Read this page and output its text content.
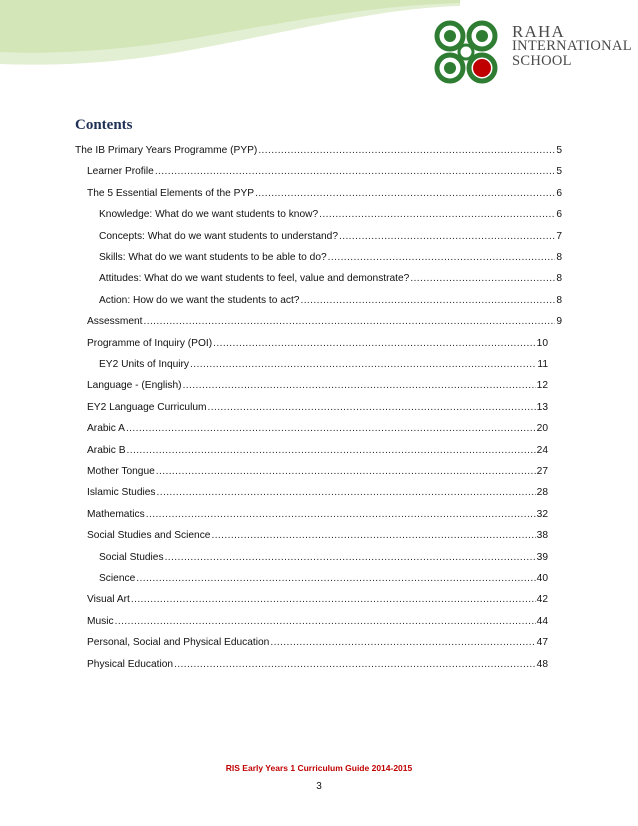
RAHA
INTERNATIONAL
SCHOOL
Contents
The IB Primary Years Programme (PYP) .....	5
Learner Profile .....	5
The 5 Essential Elements of the PYP .....	6
Knowledge: What do we want students to know? .....	6
Concepts: What do we want students to understand? .....	7
Skills: What do we want students to be able to do? .....	8
Attitudes: What do we want students to feel, value and demonstrate? .....	8
Action: How do we want the students to act? .....	8
Assessment .....	9
Programme of Inquiry (POI) .....	10
EY2 Units of Inquiry .....	11
Language - (English) .....	12
EY2 Language Curriculum .....	13
Arabic A .....	20
Arabic B .....	24
Mother Tongue .....	27
Islamic Studies .....	28
Mathematics .....	32
Social Studies and Science .....	38
Social Studies .....	39
Science .....	40
Visual Art .....	42
Music .....	44
Personal, Social and Physical Education .....	47
Physical Education .....	48
RIS Early Years 1 Curriculum Guide 2014-2015
3
